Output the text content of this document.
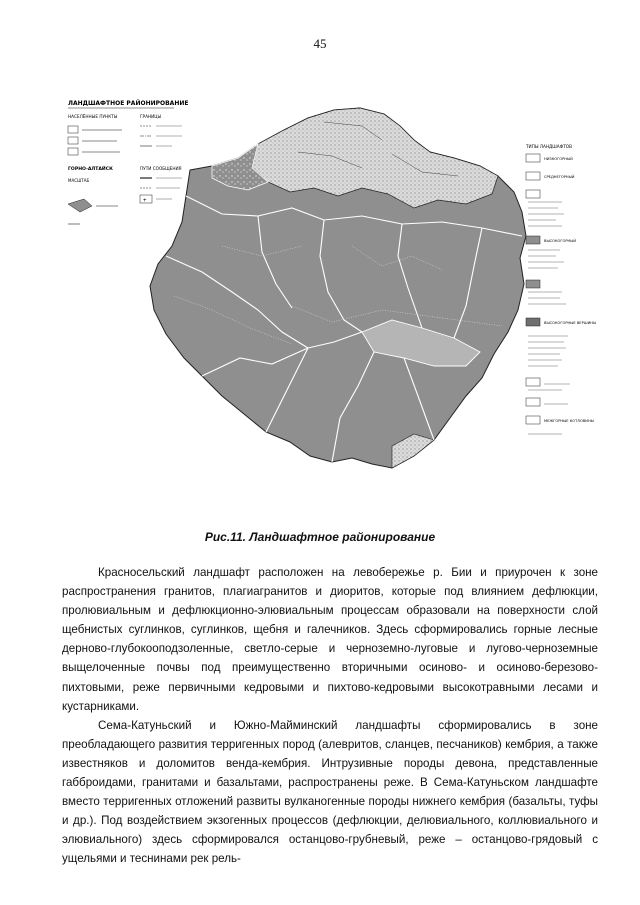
45
ЛАНДШАФТНОЕ РАЙОНИРОВАНИЕ
НАСЕЛЁННЫЕ ПУНКТЫ
ГОРНО-АЛТАЙСК
МАСШТАБ
ГРАНИЦЫ
ПУТИ СООБЩЕНИЯ
+
ТИПЫ ЛАНДШАФТОВ
НИЗКОГОРНЫЙ
СРЕДНЕГОРНЫЙ
ВЫСОКОГОРНЫЙ
ВЫСОКОГОРНЫЕ ВЕРШИНЫ
МЕЖГОРНЫЕ КОТЛОВИНЫ
Рис.11. Ландшафтное районирование

Красносельский ландшафт расположен на левобережье р. Бии и приурочен к зоне распространения гранитов, плагиагранитов и диоритов, которые под влиянием дефлюкции, пролювиальным и дефлюкционно-элювиальным процессам образовали на поверхности слой щебнистых суглинков, суглинков, щебня и галечников. Здесь сформировались горные лесные дерново-глубокооподзоленные, светло-серые и черноземно-луговые и лугово-черноземные выщелоченные почвы под преимущественно вторичными осиново- и осиново-березово-пихтовыми, реже первичными кедровыми и пихтово-кедровыми высокотравными лесами и кустарниками.

Сема-Катуньский и Южно-Майминский ландшафты сформировались в зоне преобладающего развития терригенных пород (алевритов, сланцев, песчаников) кембрия, а также известняков и доломитов венда-кембрия. Интрузивные породы девона, представленные габброидами, гранитами и базальтами, распространены реже. В Сема-Катуньском ландшафте вместо терригенных отложений развиты вулканогенные породы нижнего кембрия (базальты, туфы и др.). Под воздействием экзогенных процессов (дефлюкции, делювиального, коллювиального и элювиального) здесь сформировался останцово-грубневый, реже – останцово-грядовый с ущельями и теснинами рек рель-
